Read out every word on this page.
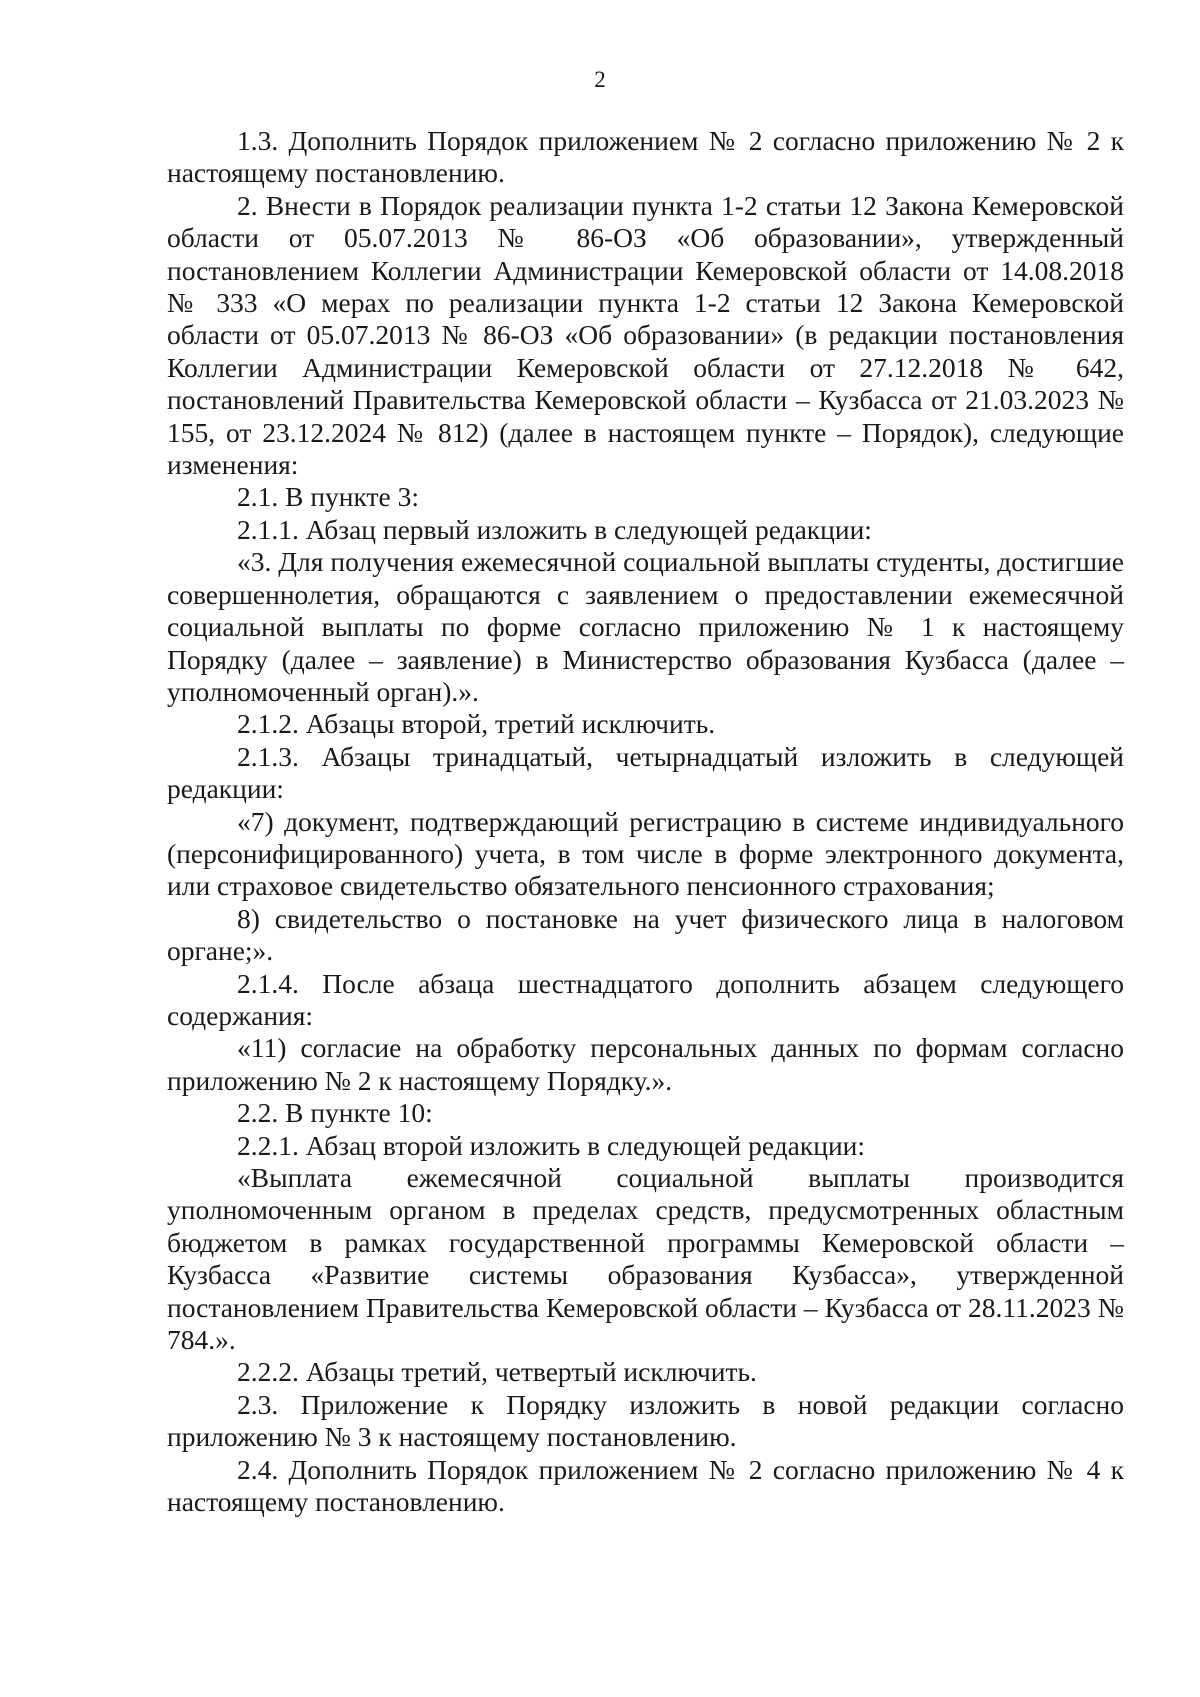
2

1.3. Дополнить Порядок приложением № 2 согласно приложению № 2 к настоящему постановлению.

2. Внести в Порядок реализации пункта 1-2 статьи 12 Закона Кемеровской области от 05.07.2013 № 86-ОЗ «Об образовании», утвержденный постановлением Коллегии Администрации Кемеровской области от 14.08.2018 № 333 «О мерах по реализации пункта 1-2 статьи 12 Закона Кемеровской области от 05.07.2013 № 86-ОЗ «Об образовании» (в редакции постановления Коллегии Администрации Кемеровской области от 27.12.2018 № 642, постановлений Правительства Кемеровской области – Кузбасса от 21.03.2023 № 155, от 23.12.2024 № 812) (далее в настоящем пункте – Порядок), следующие изменения:

2.1. В пункте 3:

2.1.1. Абзац первый изложить в следующей редакции:

«3. Для получения ежемесячной социальной выплаты студенты, достигшие совершеннолетия, обращаются с заявлением о предоставлении ежемесячной социальной выплаты по форме согласно приложению № 1 к настоящему Порядку (далее – заявление) в Министерство образования Кузбасса (далее – уполномоченный орган).».

2.1.2. Абзацы второй, третий исключить.

2.1.3. Абзацы тринадцатый, четырнадцатый изложить в следующей редакции:

«7) документ, подтверждающий регистрацию в системе индивидуального (персонифицированного) учета, в том числе в форме электронного документа, или страховое свидетельство обязательного пенсионного страхования;

8) свидетельство о постановке на учет физического лица в налоговом органе;».

2.1.4. После абзаца шестнадцатого дополнить абзацем следующего содержания:

«11) согласие на обработку персональных данных по формам согласно приложению № 2 к настоящему Порядку.».

2.2. В пункте 10:

2.2.1. Абзац второй изложить в следующей редакции:

«Выплата ежемесячной социальной выплаты производится уполномоченным органом в пределах средств, предусмотренных областным бюджетом в рамках государственной программы Кемеровской области – Кузбасса «Развитие системы образования Кузбасса», утвержденной постановлением Правительства Кемеровской области – Кузбасса от 28.11.2023 № 784.».

2.2.2. Абзацы третий, четвертый исключить.

2.3. Приложение к Порядку изложить в новой редакции согласно приложению № 3 к настоящему постановлению.

2.4. Дополнить Порядок приложением № 2 согласно приложению № 4 к настоящему постановлению.
